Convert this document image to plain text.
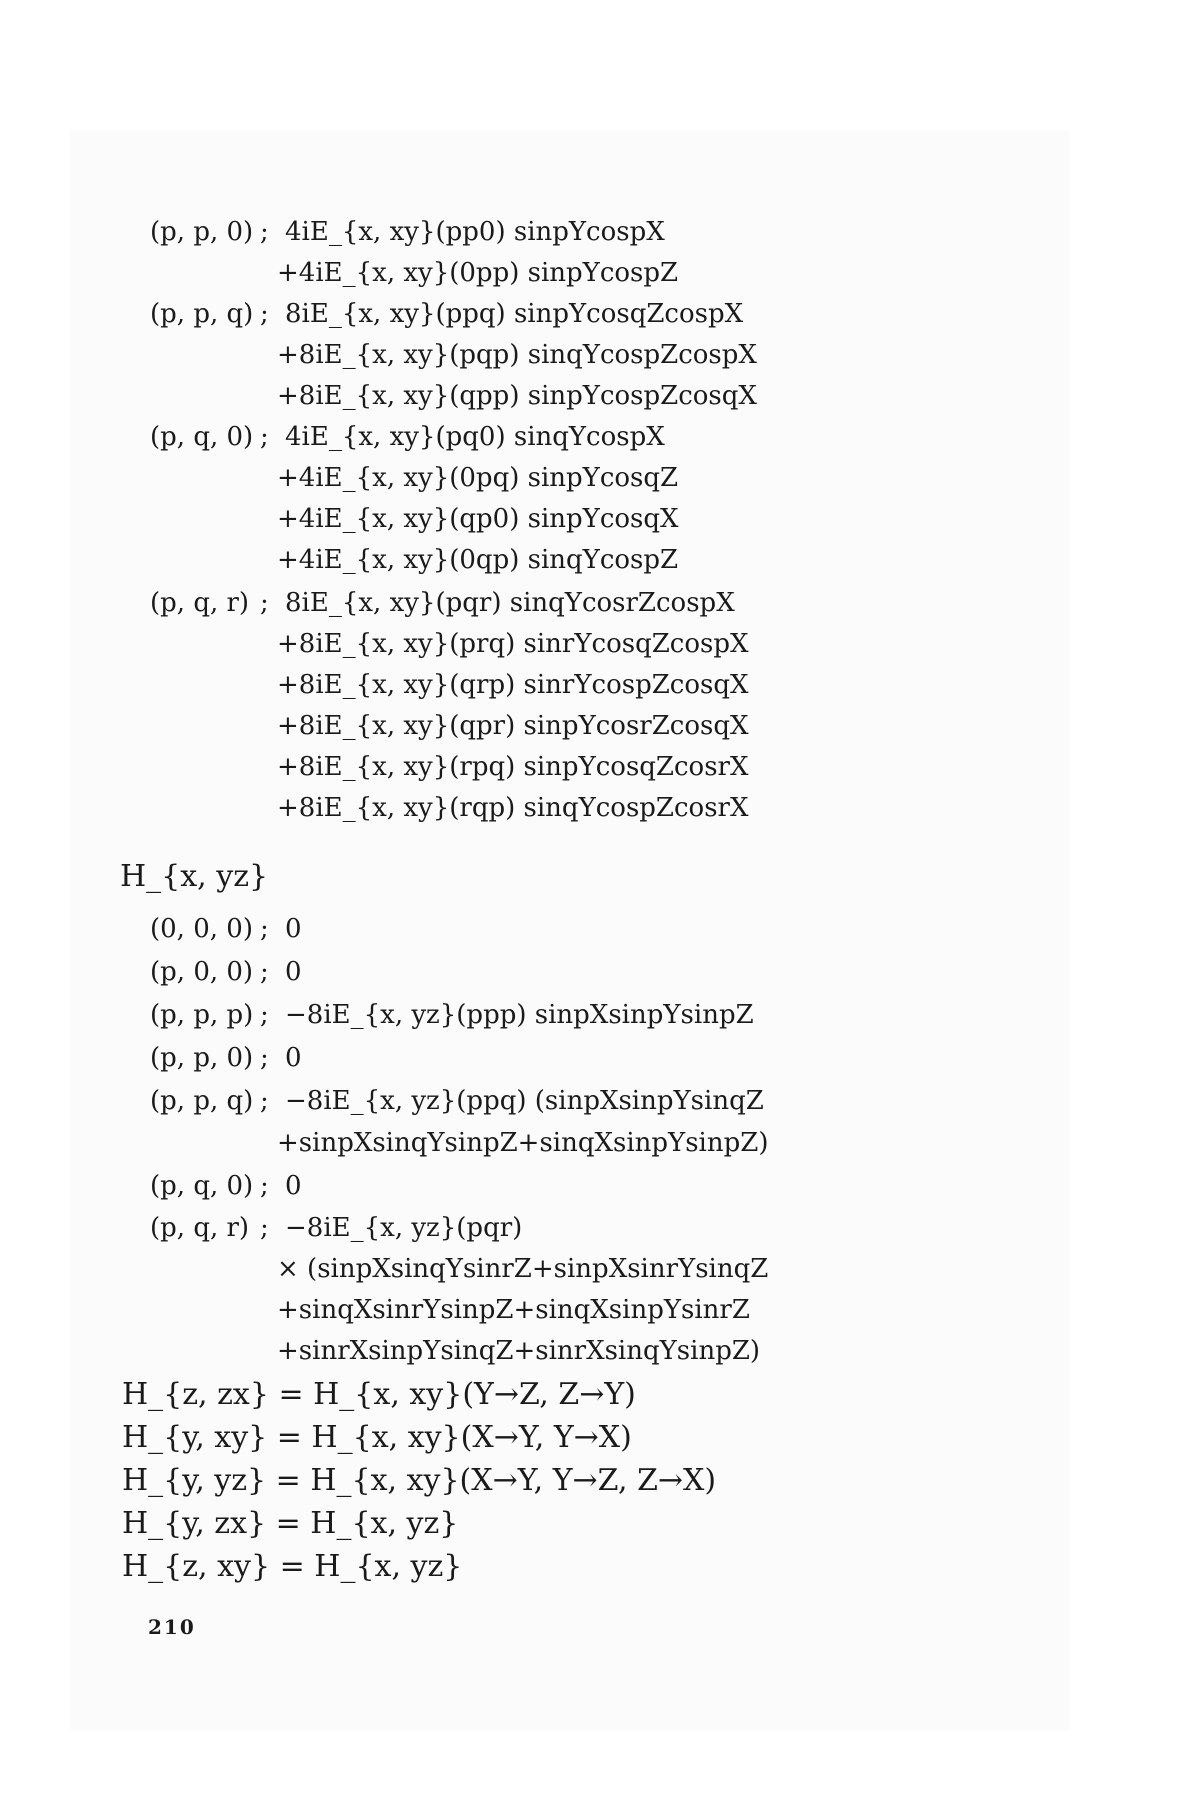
(p, p, 0) ; 4iE_{x, xy}(pp0) sinpYcospX
+4iE_{x, xy}(0pp) sinpYcospZ
(p, p, q) ; 8iE_{x, xy}(ppq) sinpYcosqZcospX
+8iE_{x, xy}(pqp) sinqYcospZcospX
+8iE_{x, xy}(qpp) sinpYcospZcosqX
(p, q, 0) ; 4iE_{x, xy}(pq0) sinqYcospX
+4iE_{x, xy}(0pq) sinpYcosqZ
+4iE_{x, xy}(qp0) sinpYcosqX
+4iE_{x, xy}(0qp) sinqYcospZ
(p, q, r) ; 8iE_{x, xy}(pqr) sinqYcosrZcospX
+8iE_{x, xy}(prq) sinrYcosqZcospX
+8iE_{x, xy}(qrp) sinrYcospZcosqX
+8iE_{x, xy}(qpr) sinpYcosrZcosqX
+8iE_{x, xy}(rpq) sinpYcosqZcosrX
+8iE_{x, xy}(rqp) sinqYcospZcosrX
H_{x, yz}
(0, 0, 0) ; 0
(p, 0, 0) ; 0
(p, p, p) ; −8iE_{x, yz}(ppp) sinpXsinpYsinpZ
(p, p, 0) ; 0
(p, p, q) ; −8iE_{x, yz}(ppq) (sinpXsinpYsinqZ
+sinpXsinqYsinpZ+sinqXsinpYsinpZ)
(p, q, 0) ; 0
(p, q, r) ; −8iE_{x, yz}(pqr)
× (sinpXsinqYsinrZ+sinpXsinrYsinqZ
+sinqXsinrYsinpZ+sinqXsinpYsinrZ
+sinrXsinpYsinqZ+sinrXsinqYsinpZ)
H_{z, zx} = H_{x, xy}(Y→Z, Z→Y)
H_{y, xy} = H_{x, xy}(X→Y, Y→X)
H_{y, yz} = H_{x, xy}(X→Y, Y→Z, Z→X)
H_{y, zx} = H_{x, yz}
H_{z, xy} = H_{x, yz}
210
